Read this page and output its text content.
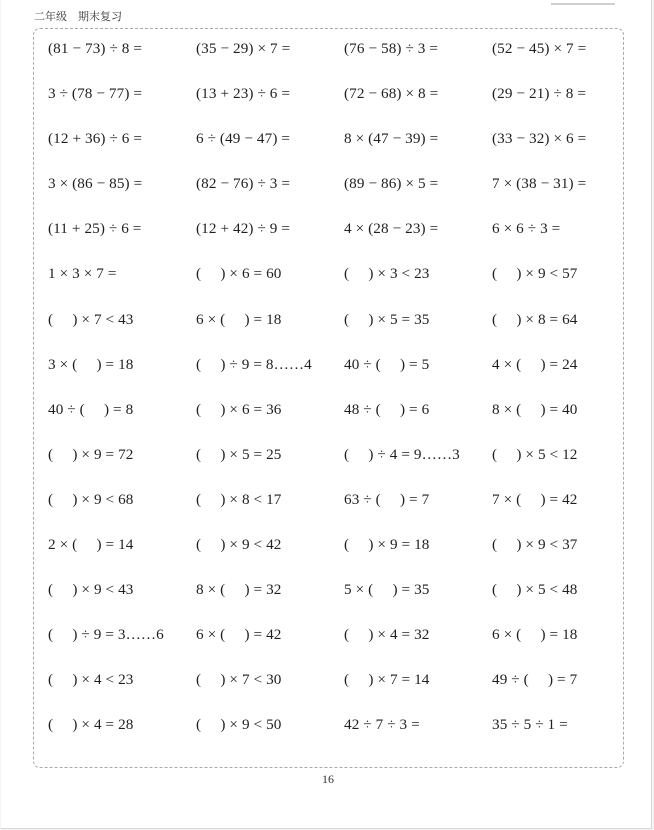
二年级　期末复习
(81 − 73) ÷ 8 =	(35 − 29) × 7 =	(76 − 58) ÷ 3 =	(52 − 45) × 7 =
3 ÷ (78 − 77) =	(13 + 23) ÷ 6 =	(72 − 68) × 8 =	(29 − 21) ÷ 8 =
(12 + 36) ÷ 6 =	6 ÷ (49 − 47) =	8 × (47 − 39) =	(33 − 32) × 6 =
3 × (86 − 85) =	(82 − 76) ÷ 3 =	(89 − 86) × 5 =	7 × (38 − 31) =
(11 + 25) ÷ 6 =	(12 + 42) ÷ 9 =	4 × (28 − 23) =	6 × 6 ÷ 3 =
1 × 3 × 7 =	(　 ) × 6 = 60	(　 ) × 3 < 23	(　 ) × 9 < 57
(　 ) × 7 < 43	6 × (　 ) = 18	(　 ) × 5 = 35	(　 ) × 8 = 64
3 × (　 ) = 18	(　 ) ÷ 9 = 8……4	40 ÷ (　 ) = 5	4 × (　 ) = 24
40 ÷ (　 ) = 8	(　 ) × 6 = 36	48 ÷ (　 ) = 6	8 × (　 ) = 40
(　 ) × 9 = 72	(　 ) × 5 = 25	(　 ) ÷ 4 = 9……3	(　 ) × 5 < 12
(　 ) × 9 < 68	(　 ) × 8 < 17	63 ÷ (　 ) = 7	7 × (　 ) = 42
2 × (　 ) = 14	(　 ) × 9 < 42	(　 ) × 9 = 18	(　 ) × 9 < 37
(　 ) × 9 < 43	8 × (　 ) = 32	5 × (　 ) = 35	(　 ) × 5 < 48
(　 ) ÷ 9 = 3……6	6 × (　 ) = 42	(　 ) × 4 = 32	6 × (　 ) = 18
(　 ) × 4 < 23	(　 ) × 7 < 30	(　 ) × 7 = 14	49 ÷ (　 ) = 7
(　 ) × 4 = 28	(　 ) × 9 < 50	42 ÷ 7 ÷ 3 =	35 ÷ 5 ÷ 1 =
16
